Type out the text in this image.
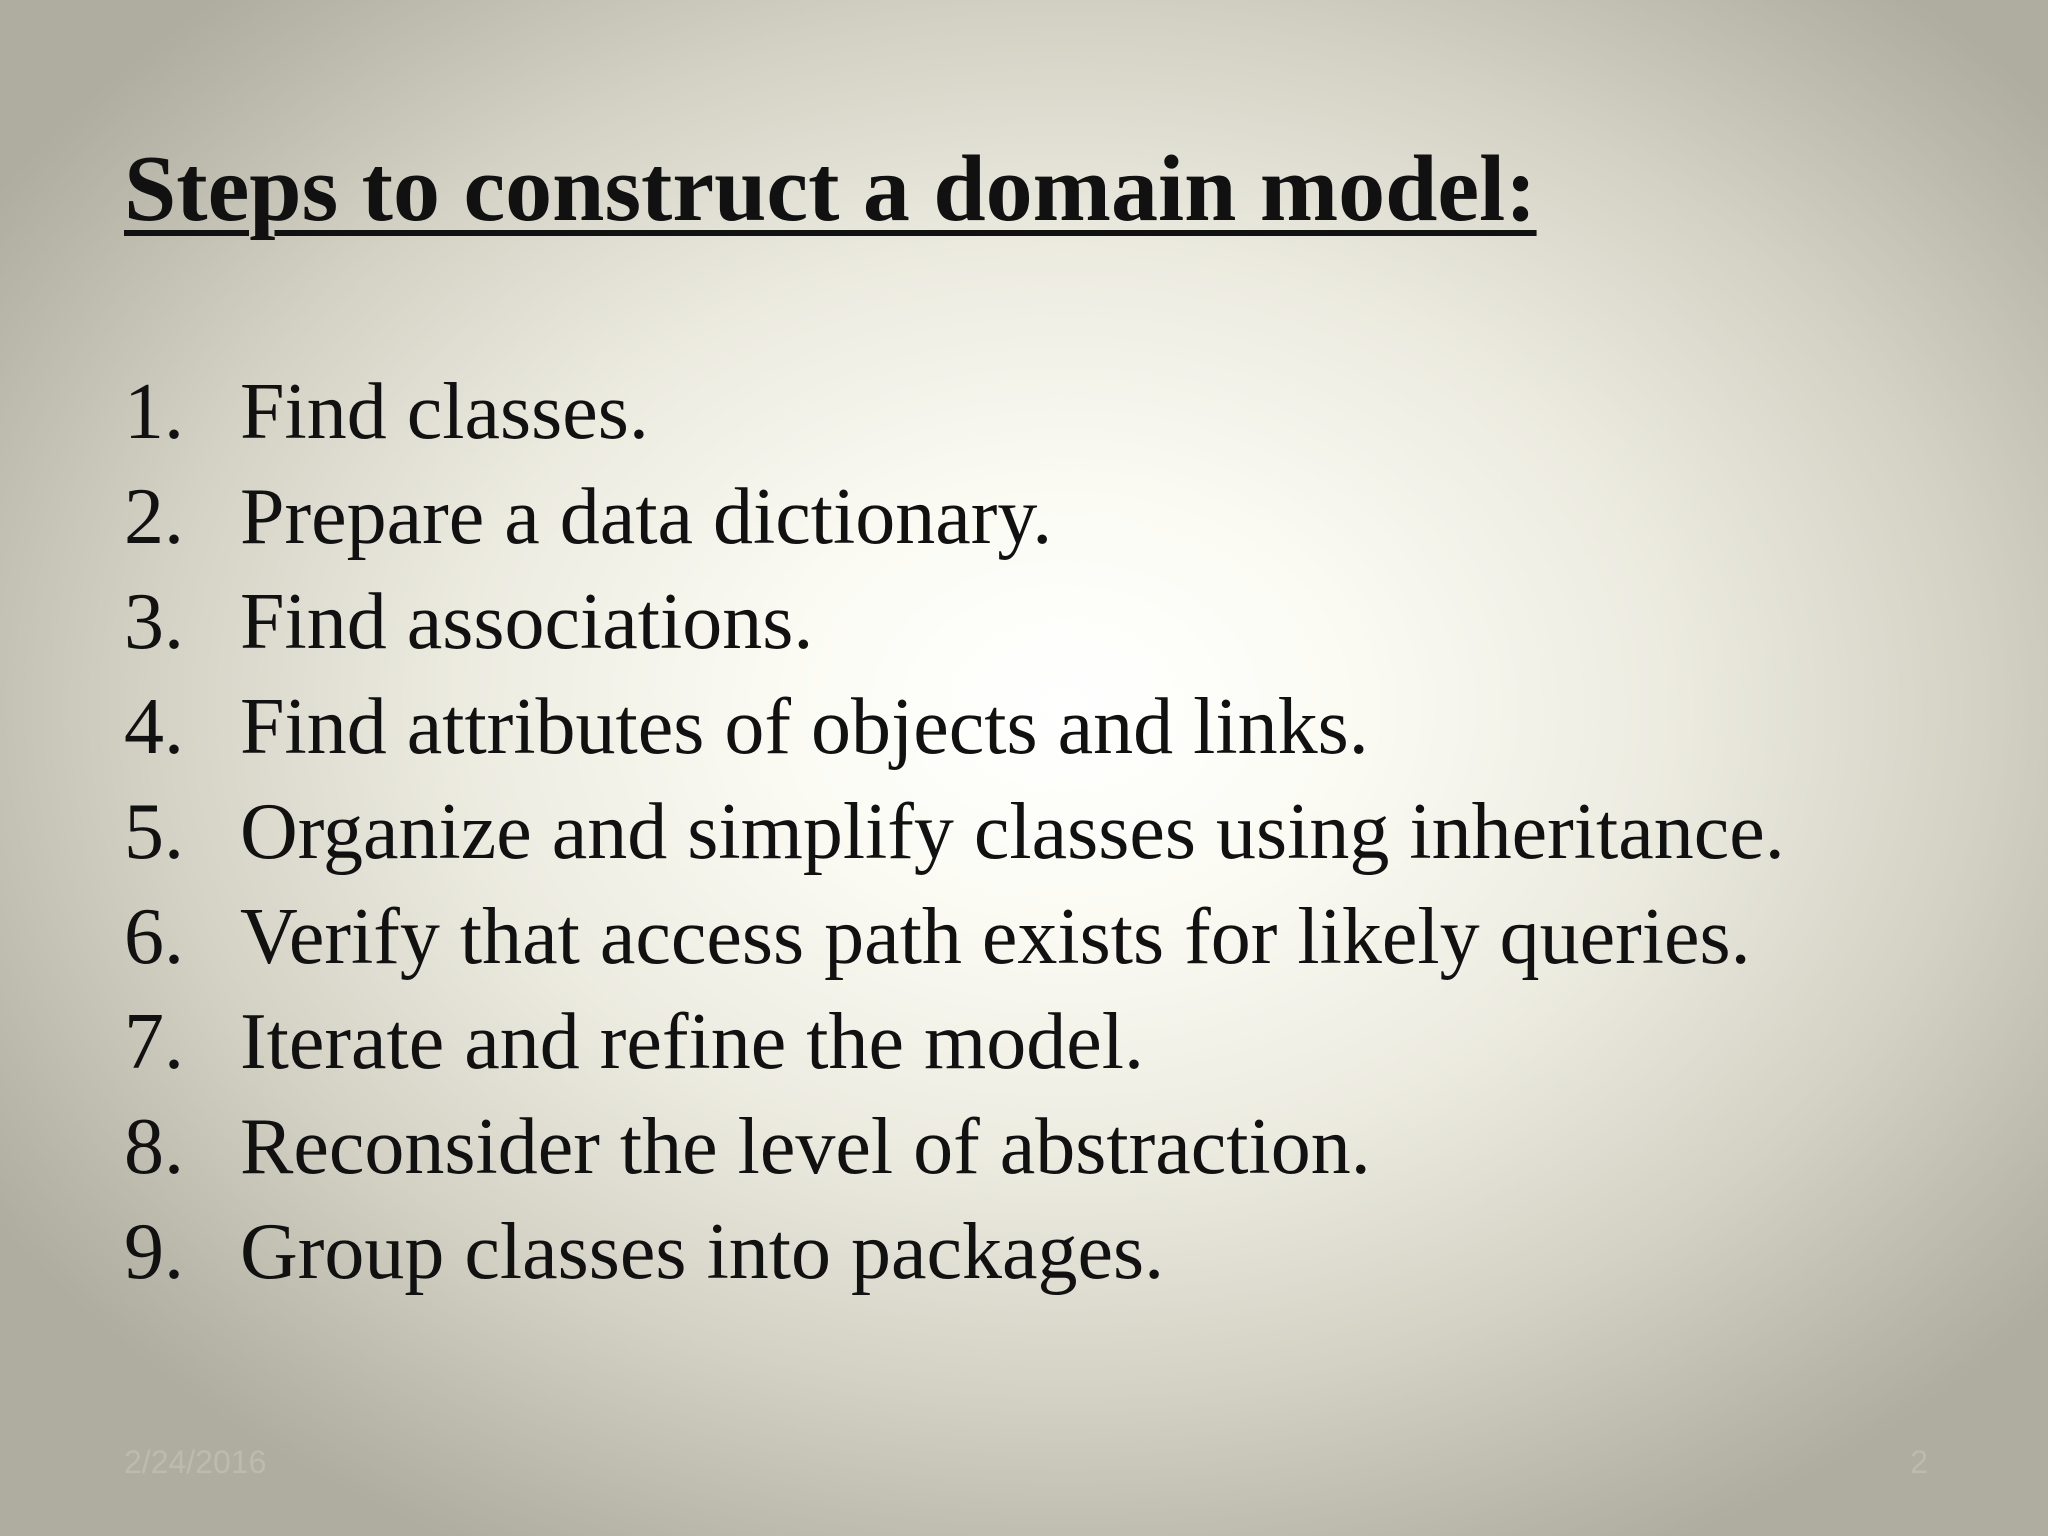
Steps to construct a domain model:
1. Find classes.
2. Prepare a data dictionary.
3. Find associations.
4. Find attributes of objects and links.
5. Organize and simplify classes using inheritance.
6. Verify that access path exists for likely queries.
7. Iterate and refine the model.
8. Reconsider the level of abstraction.
9. Group classes into packages.
2/24/2016	2
